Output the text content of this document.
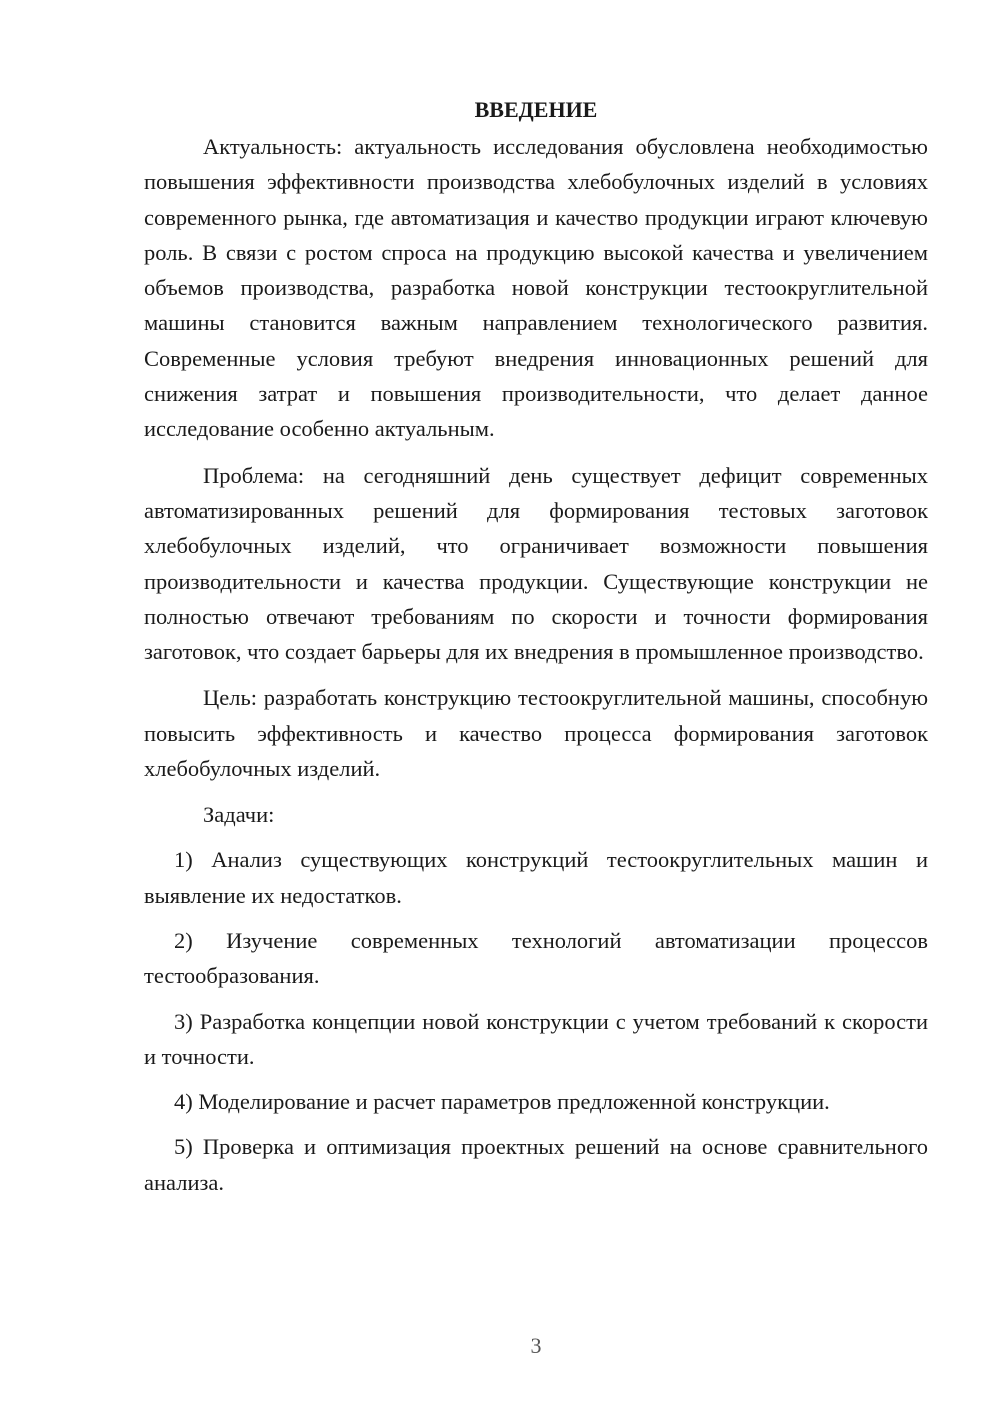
ВВЕДЕНИЕ

Актуальность: актуальность исследования обусловлена необходимостью повышения эффективности производства хлебобулочных изделий в условиях современного рынка, где автоматизация и качество продукции играют ключевую роль. В связи с ростом спроса на продукцию высокой качества и увеличением объемов производства, разработка новой конструкции тестоокруглительной машины становится важным направлением технологического развития. Современные условия требуют внедрения инновационных решений для снижения затрат и повышения производительности, что делает данное исследование особенно актуальным.

Проблема: на сегодняшний день существует дефицит современных автоматизированных решений для формирования тестовых заготовок хлебобулочных изделий, что ограничивает возможности повышения производительности и качества продукции. Существующие конструкции не полностью отвечают требованиям по скорости и точности формирования заготовок, что создает барьеры для их внедрения в промышленное производство.

Цель: разработать конструкцию тестоокруглительной машины, способную повысить эффективность и качество процесса формирования заготовок хлебобулочных изделий.

Задачи:

1) Анализ существующих конструкций тестоокруглительных машин и выявление их недостатков.

2) Изучение современных технологий автоматизации процессов тестообразования.

3) Разработка концепции новой конструкции с учетом требований к скорости и точности.

4) Моделирование и расчет параметров предложенной конструкции.

5) Проверка и оптимизация проектных решений на основе сравнительного анализа.

3
